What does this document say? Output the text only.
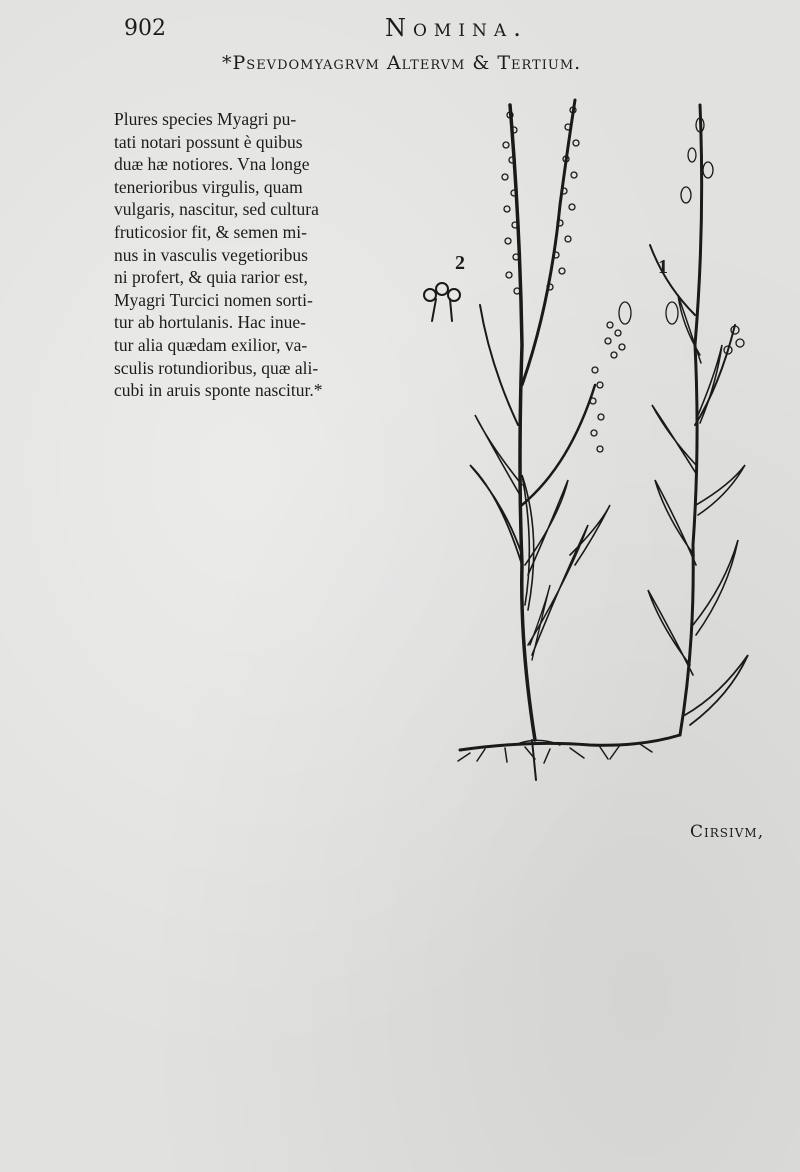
902	Nomina.
*Psevdomyagrvm Altervm & Tertium.
Plures species Myagri pu-
tati notari possunt è quibus
duæ hæ notiores. Vna longe
tenerioribus virgulis, quam
vulgaris, nascitur, sed cultura
fruticosior fit, & semen mi-
nus in vasculis vegetioribus
ni profert, & quia rarior est,
Myagri Turcici nomen sorti-
tur ab hortulanis. Hac inue-
tur alia quædam exilior, va-
sculis rotundioribus, quæ ali-
cubi in aruis sponte nascitur.*
2	1
Cirsivm,
